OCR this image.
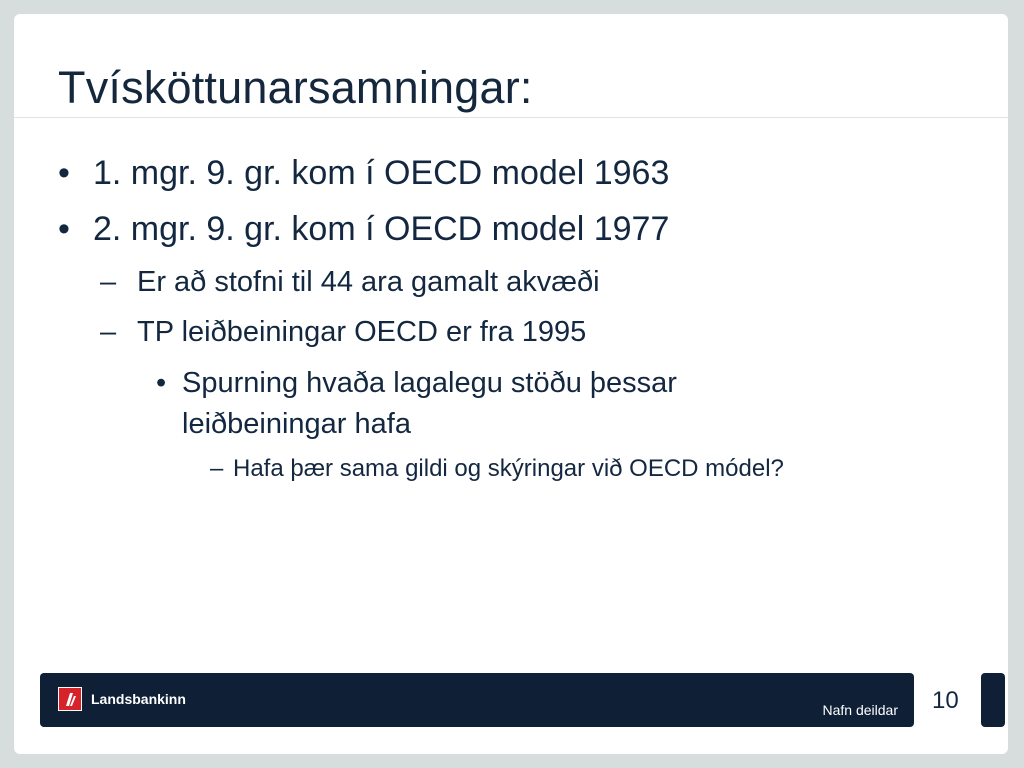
Tvísköttunarsamningar:
• 1. mgr. 9. gr. kom í OECD model 1963
• 2. mgr. 9. gr. kom í OECD model 1977
– Er að stofni til 44 ara gamalt akvæði
– TP leiðbeiningar OECD er fra 1995
• Spurning hvaða lagalegu stöðu þessar
leiðbeiningar hafa
– Hafa þær sama gildi og skýringar við OECD módel?
Landsbankinn
Nafn deildar 10
